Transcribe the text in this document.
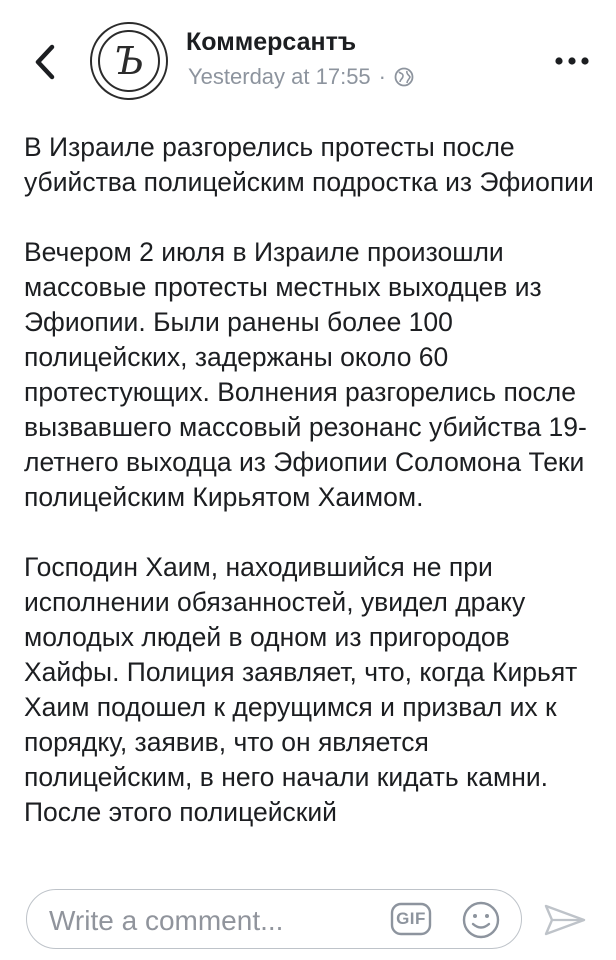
Ъ Коммерсантъ
Yesterday at 17:55 ·

В Израиле разгорелись протесты после убийства полицейским подростка из Эфиопии

Вечером 2 июля в Израиле произошли массовые протесты местных выходцев из Эфиопии. Были ранены более 100 полицейских, задержаны около 60 протестующих. Волнения разгорелись после вызвавшего массовый резонанс убийства 19-летнего выходца из Эфиопии Соломона Теки полицейским Кирьятом Хаимом.

Господин Хаим, находившийся не при исполнении обязанностей, увидел драку молодых людей в одном из пригородов Хайфы. Полиция заявляет, что, когда Кирьят Хаим подошел к дерущимся и призвал их к порядку, заявив, что он является полицейским, в него начали кидать камни. После этого полицейский

Write a comment...	GIF
